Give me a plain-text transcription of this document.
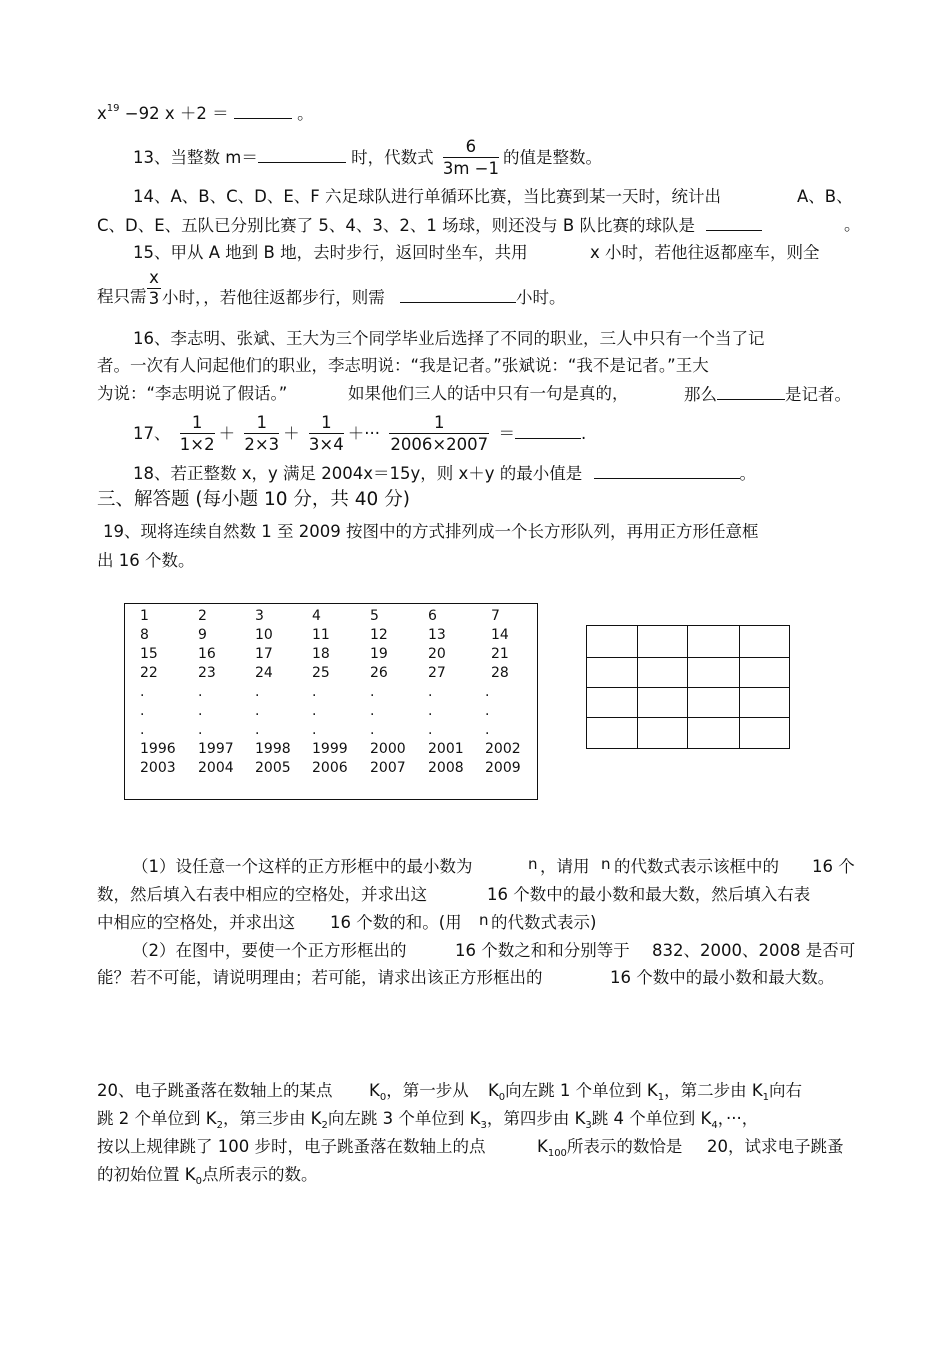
$x^{19} -92$ x ＋2 ＝	。
13、当整数 m＝	时，代数式 $\frac{6}{3m -1}$ 的值是整数。
14、A、B、C、D、E、F 六足球队进行单循环比赛，当比赛到某一天时，统计出	A、B、
C、D、E、五队已分别比赛了 5、4、3、2、1 场球，则还没与 B 队比赛的球队是	。
15、甲从 A 地到 B 地，去时步行，返回时坐车，共用	x 小时，若他往返都座车，则全
程只需 $\frac{x}{3}$ 小时，，若他往返都步行，则需	小时。
16、李志明、张斌、王大为三个同学毕业后选择了不同的职业，三人中只有一个当了记
者。一次有人问起他们的职业，李志明说：“我是记者。”张斌说：“我不是记者。”王大
为说：“李志明说了假话。”	如果他们三人的话中只有一句是真的，	那么	是记者。
17、 $\frac{1}{1\times 2} + \frac{1}{2\times 3} + \frac{1}{3\times 4}$ ＋··· $\frac{1}{2006\times 2007}$ ＝	.
18、若正整数 x，y 满足 2004x＝15y，则 x＋y 的最小值是	。
三、解答题 (每小题 10 分，共 40 分)
19、现将连续自然数 1 至 2009 按图中的方式排列成一个长方形队列，再用正方形任意框
出 16 个数。
1	2	3	4	5	6	7
8	9	10	11	12	13	14
15	16	17	18	19	20	21
22	23	24	25	26	27	28
.	.	.	.	.	.	.
.	.	.	.	.	.	.
.	.	.	.	.	.	.
1996	1997	1998	1999	2000	2001	2002
2003	2004	2005	2006	2007	2008	2009
（1）设任意一个这样的正方形框中的最小数为	n ，请用 n 的代数式表示该框中的 16 个
数，然后填入右表中相应的空格处，并求出这	16 个数中的最小数和最大数，然后填入右表
中相应的空格处，并求出这 16 个数的和。(用 n 的代数式表示)
（2）在图中，要使一个正方形框出的	16 个数之和和分别等于 832、2000、2008 是否可
能？若不可能，请说明理由；若可能，请求出该正方形框出的	16 个数中的最小数和最大数。
20、电子跳蚤落在数轴上的某点 $K_0$，第一步从 $K_0$向左跳 1 个单位到 $K_1$，第二步由 $K_1$向右
跳 2 个单位到 $K_2$，第三步由 $K_2$向左跳 3 个单位到 $K_3$，第四步由 $K_3$跳 4 个单位到 $K_4$，···，
按以上规律跳了 100 步时，电子跳蚤落在数轴上的点	$K_{100}$所表示的数恰是 20，试求电子跳蚤
的初始位置 $K_0$点所表示的数。
